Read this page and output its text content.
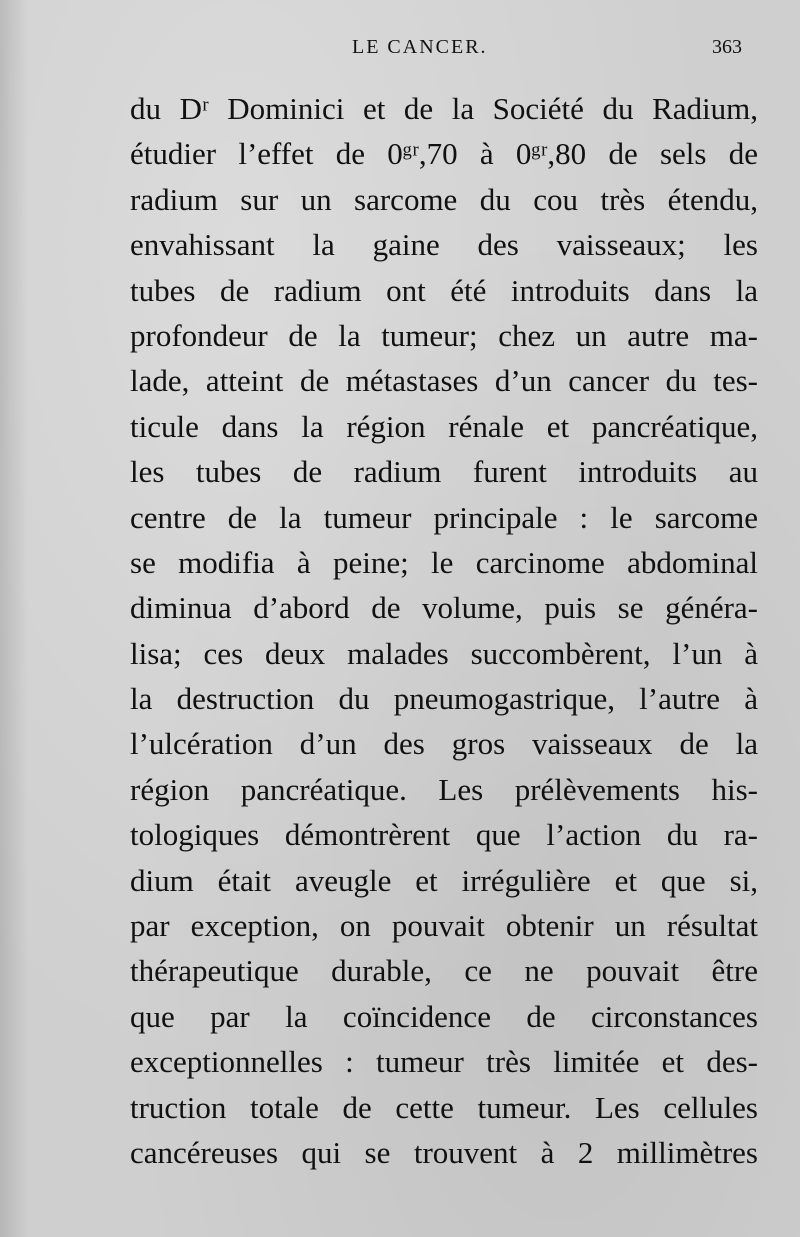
LE CANCER.	363
du Dʳ Dominici et de la Société du Radium,
étudier l’effet de 0ᵍʳ,70 à 0ᵍʳ,80 de sels de
radium sur un sarcome du cou très étendu,
envahissant la gaine des vaisseaux; les
tubes de radium ont été introduits dans la
profondeur de la tumeur; chez un autre ma-
lade, atteint de métastases d’un cancer du tes-
ticule dans la région rénale et pancréatique,
les tubes de radium furent introduits au
centre de la tumeur principale : le sarcome
se modifia à peine; le carcinome abdominal
diminua d’abord de volume, puis se généra-
lisa; ces deux malades succombèrent, l’un à
la destruction du pneumogastrique, l’autre à
l’ulcération d’un des gros vaisseaux de la
région pancréatique. Les prélèvements his-
tologiques démontrèrent que l’action du ra-
dium était aveugle et irrégulière et que si,
par exception, on pouvait obtenir un résultat
thérapeutique durable, ce ne pouvait être
que par la coïncidence de circonstances
exceptionnelles : tumeur très limitée et des-
truction totale de cette tumeur. Les cellules
cancéreuses qui se trouvent à 2 millimètres
